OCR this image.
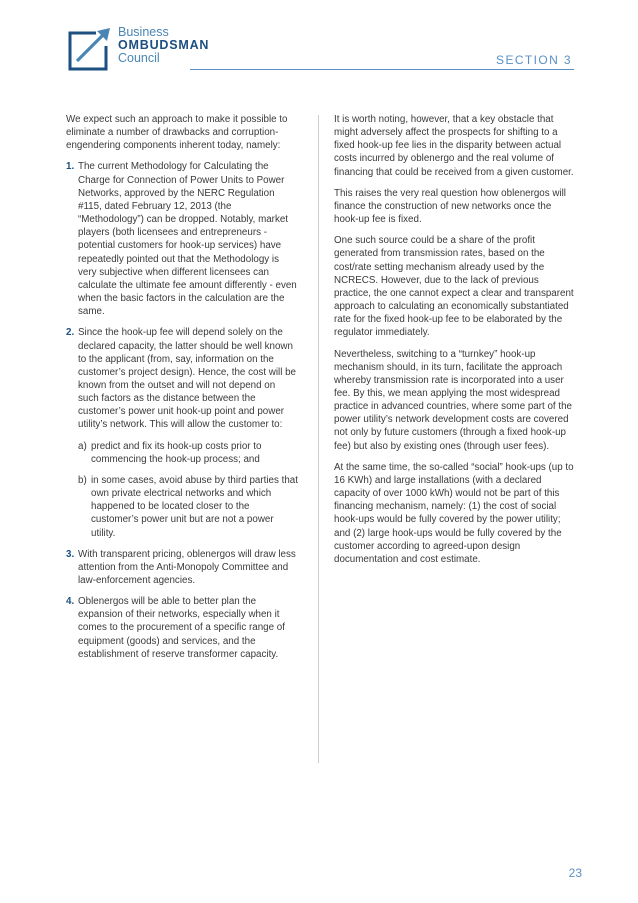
Business
OMBUDSMAN
Council	SECTION 3

We expect such an approach to make it possible to eliminate a number of drawbacks and corruption-engendering components inherent today, namely:

1. The current Methodology for Calculating the Charge for Connection of Power Units to Power Networks, approved by the NERC Regulation #115, dated February 12, 2013 (the “Methodology”) can be dropped. Notably, market players (both licensees and entrepreneurs - potential customers for hook-up services) have repeatedly pointed out that the Methodology is very subjective when different licensees can calculate the ultimate fee amount differently - even when the basic factors in the calculation are the same.
2. Since the hook-up fee will depend solely on the declared capacity, the latter should be well known to the applicant (from, say, information on the customer’s project design). Hence, the cost will be known from the outset and will not depend on such factors as the distance between the customer’s power unit hook-up point and power utility’s network. This will allow the customer to:
a) predict and fix its hook-up costs prior to commencing the hook-up process; and
b) in some cases, avoid abuse by third parties that own private electrical networks and which happened to be located closer to the customer’s power unit but are not a power utility.
3. With transparent pricing, oblenergos will draw less attention from the Anti-Monopoly Committee and law-enforcement agencies.
4. Oblenergos will be able to better plan the expansion of their networks, especially when it comes to the procurement of a specific range of equipment (goods) and services, and the establishment of reserve transformer capacity.

It is worth noting, however, that a key obstacle that might adversely affect the prospects for shifting to a fixed hook-up fee lies in the disparity between actual costs incurred by oblenergo and the real volume of financing that could be received from a given customer.

This raises the very real question how oblenergos will finance the construction of new networks once the hook-up fee is fixed.

One such source could be a share of the profit generated from transmission rates, based on the cost/rate setting mechanism already used by the NCRECS. However, due to the lack of previous practice, the one cannot expect a clear and transparent approach to calculating an economically substantiated rate for the fixed hook-up fee to be elaborated by the regulator immediately.

Nevertheless, switching to a “turnkey” hook-up mechanism should, in its turn, facilitate the approach whereby transmission rate is incorporated into a user fee. By this, we mean applying the most widespread practice in advanced countries, where some part of the power utility’s network development costs are covered not only by future customers (through a fixed hook-up fee) but also by existing ones (through user fees).

At the same time, the so-called “social” hook-ups (up to 16 KWh) and large installations (with a declared capacity of over 1000 kWh) would not be part of this financing mechanism, namely: (1) the cost of social hook-ups would be fully covered by the power utility; and (2) large hook-ups would be fully covered by the customer according to agreed-upon design documentation and cost estimate.

23
